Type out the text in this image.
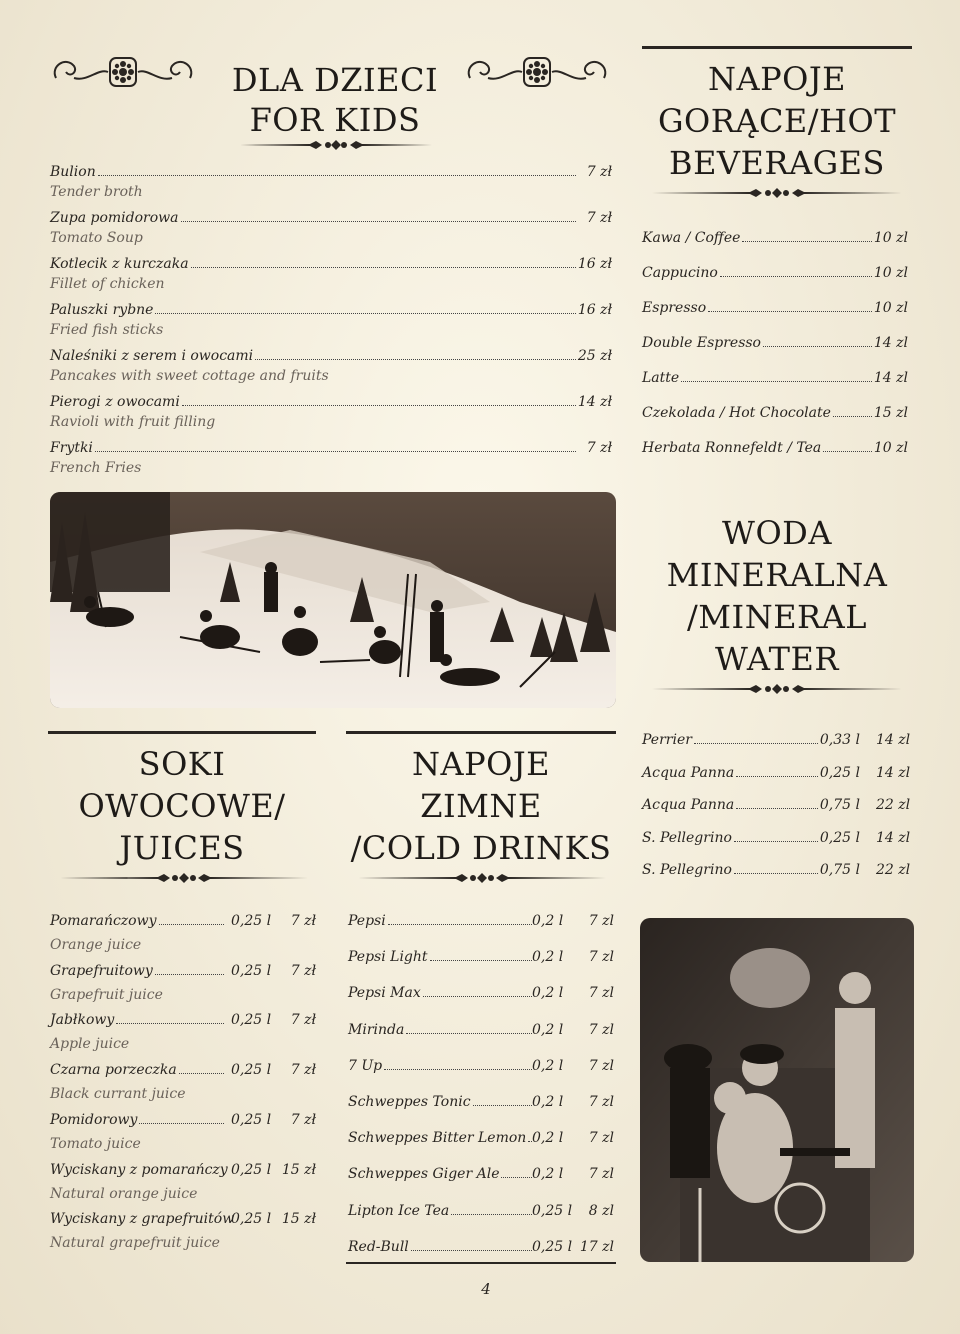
DLA DZIECI
FOR KIDS
Bulion	7 zł
Tender broth
Zupa pomidorowa	7 zł
Tomato Soup
Kotlecik z kurczaka	16 zł
Fillet of chicken
Paluszki rybne	16 zł
Fried fish sticks
Naleśniki z serem i owocami	25 zł
Pancakes with sweet cottage and fruits
Pierogi z owocami	14 zł
Ravioli with fruit filling
Frytki	7 zł
French Fries
NAPOJE
GORĄCE/HOT
BEVERAGES
Kawa / Coffee	10 zl
Cappucino	10 zl
Espresso	10 zl
Double Espresso	14 zl
Latte	14 zl
Czekolada / Hot Chocolate	15 zl
Herbata Ronnefeldt / Tea	10 zl
WODA
MINERALNA
/MINERAL
WATER
Perrier	0,33 l 14 zl
Acqua Panna	0,25 l 14 zl
Acqua Panna	0,75 l 22 zl
S. Pellegrino	0,25 l 14 zl
S. Pellegrino	0,75 l 22 zl
SOKI
OWOCOWE/
JUICES
Pomarańczowy	0,25 l	7 zł
Orange juice
Grapefruitowy	0,25 l	7 zł
Grapefruit juice
Jabłkowy	0,25 l	7 zł
Apple juice
Czarna porzeczka	0,25 l	7 zł
Black currant juice
Pomidorowy	0,25 l	7 zł
Tomato juice
Wyciskany z pomarańczy 0,25 l 15 zł
Natural orange juice
Wyciskany z grapefruitów
0,25 l 15 zł
Natural grapefruit juice
NAPOJE
ZIMNE
/COLD DRINKS
Pepsi	0,2 l	7 zl
Pepsi Light	0,2 l	7 zl
Pepsi Max	0,2 l	7 zl
Mirinda	0,2 l	7 zl
7 Up	0,2 l	7 zl
Schweppes Tonic	0,2 l	7 zl
Schweppes Bitter Lemon 0,2 l	7 zl
Schweppes Giger Ale 0,2 l	7 zl
Lipton Ice Tea	0,25 l	8 zl
Red-Bull	0,25 l 17 zl
4
